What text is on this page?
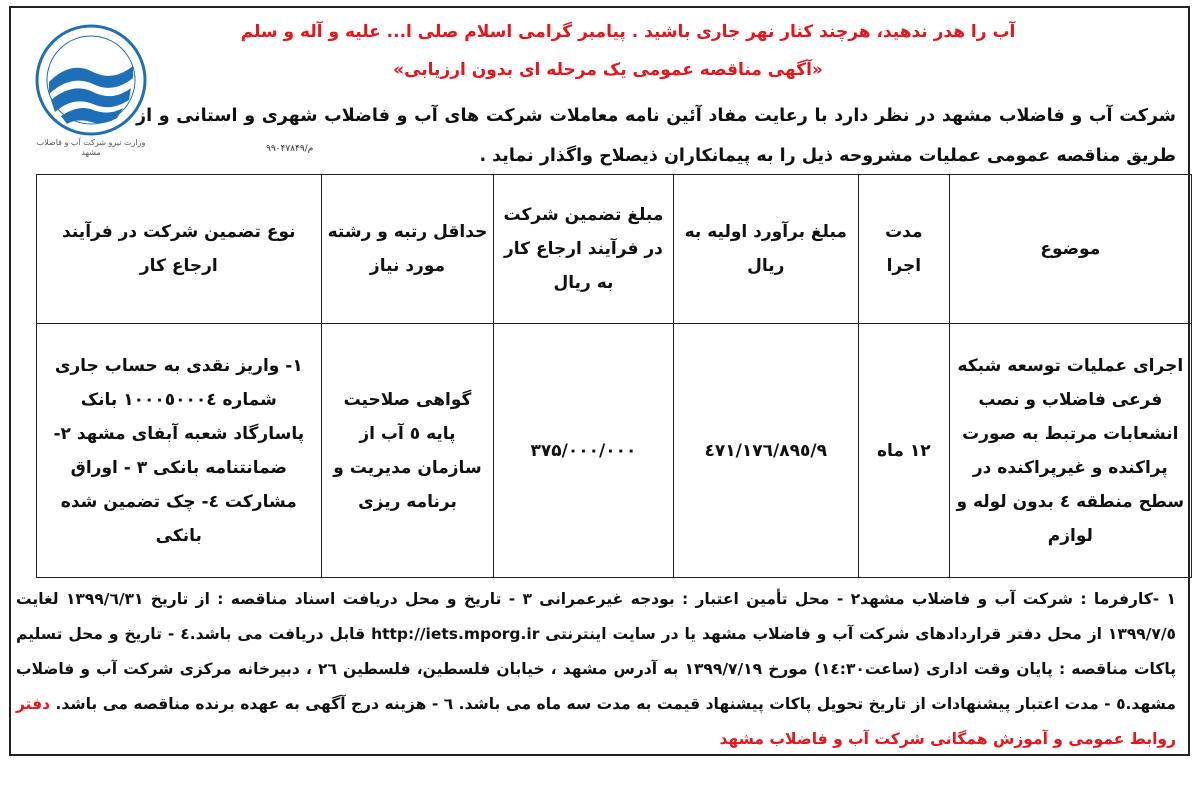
وزارت نیرو شرکت آب و فاضلاب مشهد
آب را هدر ندهید، هرچند کنار نهر جاری باشید . پیامبر گرامی اسلام صلی ا... علیه و آله و سلم
«آگهی مناقصه عمومی یک مرحله ای بدون ارزیابی»
شرکت آب و فاضلاب مشهد در نظر دارد با رعایت مفاد آئین نامه معاملات شرکت های آب و فاضلاب شهری و استانی و از طریق مناقصه عمومی عملیات مشروحه ذیل را به پیمانکاران ذیصلاح واگذار نماید .
م/۹۹۰۴۷۸۴۹
موضوع	مدت اجرا	مبلغ برآورد اولیه به ریال	مبلغ تضمین شرکت در فرآیند ارجاع کار به ریال	حداقل رتبه و رشته مورد نیاز	نوع تضمین شرکت در فرآیند ارجاع کار
اجرای عملیات توسعه شبکه فرعی فاضلاب و نصب انشعابات مرتبط به صورت پراکنده و غیرپراکنده در سطح منطقه ٤ بدون لوله و لوازم	۱۲ ماه	۹/٤٧١/١٧٦/٨٩٥	۳۷۵/۰۰۰/۰۰۰	گواهی صلاحیت پایه ٥ آب از سازمان مدیریت و برنامه ریزی	۱- واریز نقدی به حساب جاری شماره ١٠٠٠٥٠٠٠٤ بانک پاسارگاد شعبه آبفای مشهد ٢- ضمانتنامه بانکی ٣ - اوراق مشارکت ٤- چک تضمین شده بانکی
١ -کارفرما : شرکت آب و فاضلاب مشهد٢ - محل تأمین اعتبار : بودجه غیرعمرانی ٣ - تاریخ و محل دریافت اسناد مناقصه : از تاریخ ١٣٩٩/٦/٣١ لغایت ١٣٩٩/٧/٥ از محل دفتر قراردادهای شرکت آب و فاضلاب مشهد یا در سایت اینترنتی http://iets.mporg.ir قابل دریافت می باشد.٤ - تاریخ و محل تسلیم پاکات مناقصه : پایان وقت اداری (ساعت١٤:٣٠) مورخ ١٣٩٩/٧/١٩ به آدرس مشهد ، خیابان فلسطین، فلسطین ٢٦ ، دبیرخانه مرکزی شرکت آب و فاضلاب مشهد.٥ - مدت اعتبار پیشنهادات از تاریخ تحویل پاکات پیشنهاد قیمت به مدت سه ماه می باشد. ٦ - هزینه درج آگهی به عهده برنده مناقصه می باشد. دفتر روابط عمومی و آموزش همگانی شرکت آب و فاضلاب مشهد
